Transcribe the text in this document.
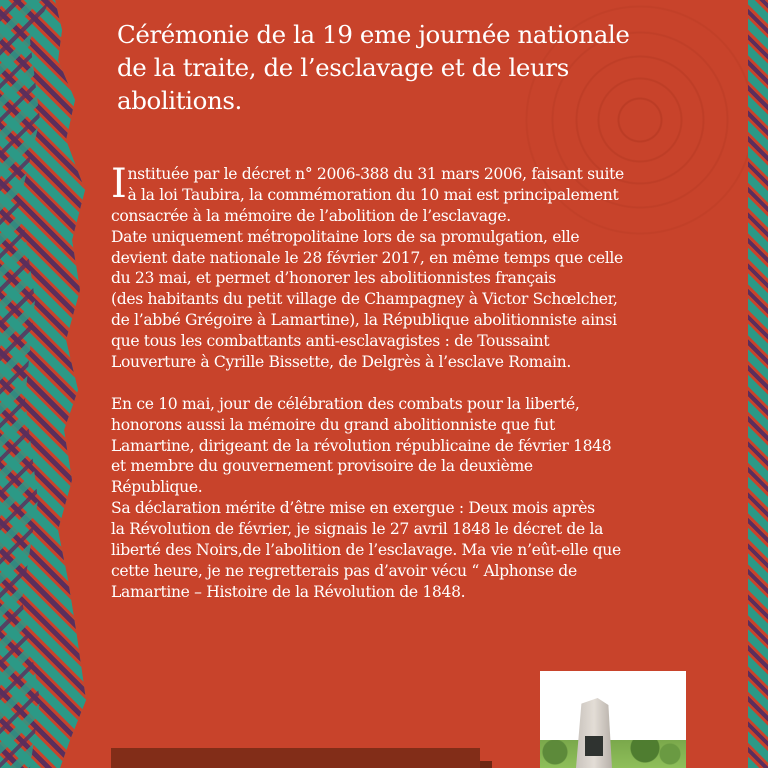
Cérémonie de la 19 eme journée nationale
de la traite, de l’esclavage et de leurs
abolitions.
I nstituée par le décret n° 2006-388 du 31 mars 2006, faisant suite
à la loi Taubira, la commémoration du 10 mai est principalement
consacrée à la mémoire de l’abolition de l’esclavage.
Date uniquement métropolitaine lors de sa promulgation, elle
devient date nationale le 28 février 2017, en même temps que celle
du 23 mai, et permet d’honorer les abolitionnistes français
(des habitants du petit village de Champagney à Victor Schœlcher,
de l’abbé Grégoire à Lamartine), la République abolitionniste ainsi
que tous les combattants anti-esclavagistes : de Toussaint
Louverture à Cyrille Bissette, de Delgrès à l’esclave Romain.
En ce 10 mai, jour de célébration des combats pour la liberté,
honorons aussi la mémoire du grand abolitionniste que fut
Lamartine, dirigeant de la révolution républicaine de février 1848
et membre du gouvernement provisoire de la deuxième
République.
Sa déclaration mérite d’être mise en exergue : Deux mois après
la Révolution de février, je signais le 27 avril 1848 le décret de la
liberté des Noirs,de l’abolition de l’esclavage. Ma vie n’eût-elle que
cette heure, je ne regretterais pas d’avoir vécu “ Alphonse de
Lamartine – Histoire de la Révolution de 1848.
